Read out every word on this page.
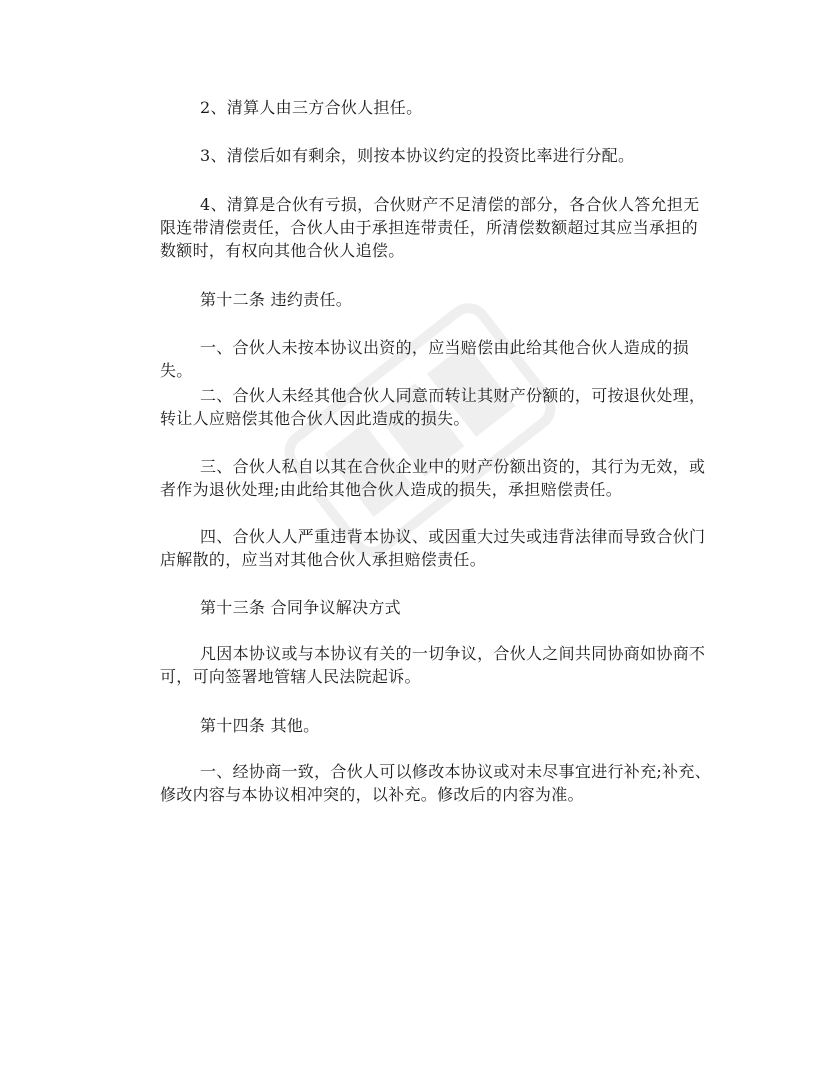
2、清算人由三方合伙人担任。

3、清偿后如有剩余，则按本协议约定的投资比率进行分配。

4、清算是合伙有亏损，合伙财产不足清偿的部分，各合伙人答允担无
限连带清偿责任，合伙人由于承担连带责任，所清偿数额超过其应当承担的
数额时，有权向其他合伙人追偿。

第十二条 违约责任。

一、合伙人未按本协议出资的，应当赔偿由此给其他合伙人造成的损失。

二、合伙人未经其他合伙人同意而转让其财产份额的，可按退伙处理，
转让人应赔偿其他合伙人因此造成的损失。

三、合伙人私自以其在合伙企业中的财产份额出资的，其行为无效，或
者作为退伙处理;由此给其他合伙人造成的损失，承担赔偿责任。

四、合伙人人严重违背本协议、或因重大过失或违背法律而导致合伙门
店解散的，应当对其他合伙人承担赔偿责任。

第十三条 合同争议解决方式

凡因本协议或与本协议有关的一切争议，合伙人之间共同协商如协商不
可，可向签署地管辖人民法院起诉。

第十四条 其他。

一、经协商一致，合伙人可以修改本协议或对未尽事宜进行补充;补充、
修改内容与本协议相冲突的，以补充。修改后的内容为准。
